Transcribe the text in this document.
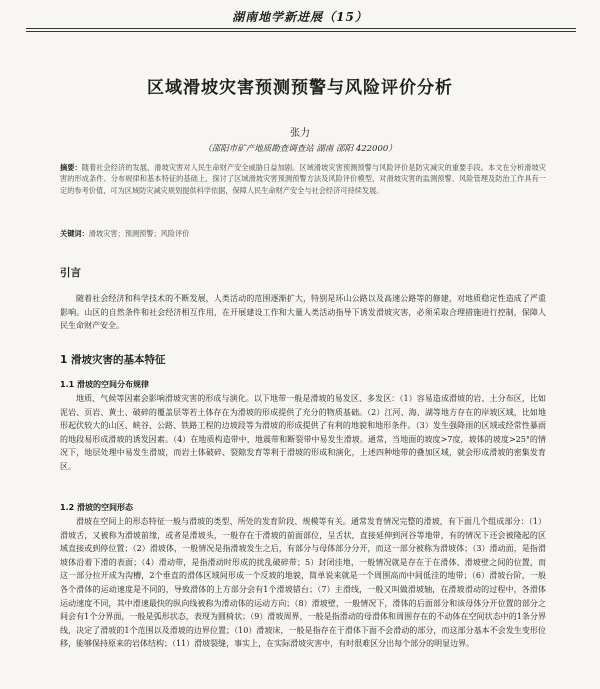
湖南地学新进展（15）
区域滑坡灾害预测预警与风险评价分析
张力
（邵阳市矿产地质勘查调查站 湖南 邵阳 422000）
摘要：随着社会经济的发展，滑坡灾害对人民生命财产安全威胁日益加剧。区域滑坡灾害预测预警与风险评价是防灾减灾的重要手段。本文在分析滑坡灾害的形成条件、分布规律和基本特征的基础上，探讨了区域滑坡灾害预测预警方法及风险评价模型，对滑坡灾害的监测预警、风险管理及防治工作具有一定的参考价值，可为区域防灾减灾规划提供科学依据，保障人民生命财产安全与社会经济可持续发展。
关键词：滑坡灾害；预测预警；风险评价
引言
随着社会经济和科学技术的不断发展，人类活动的范围逐渐扩大，特别是环山公路以及高速公路等的修建，对地质稳定性造成了严重影响。山区的自然条件和社会经济相互作用，在开展建设工作和大量人类活动指导下诱发滑坡灾害，必须采取合理措施进行控制，保障人民生命财产安全。
1 滑坡灾害的基本特征
1.1 滑坡的空间分布规律
地质、气候等因素会影响滑坡灾害的形成与演化。以下地带一般是滑坡的易发区、多发区：（1）容易造成滑坡的岩、土分布区，比如泥岩、页岩、黄土、破碎的覆盖层等若土体存在为滑坡的形成提供了充分的物质基础。（2）江河、海、湖等地方存在的岸坡区域，比如地形起伏较大的山区、峡谷、公路、铁路工程的边坡段等为滑坡的形成提供了有利的地貌和地形条件。（3）发生强降雨的区域或经常性暴雨的地段易形成滑坡的诱发因素。（4）在地质构造带中，地震带和断裂带中易发生滑坡。通常，当地面的坡度>7度，坡体的坡度>25°的情况下，地层处理中易发生滑坡，而岩土体破碎、裂隙发育等利于滑坡的形成和演化，上述四种地带的叠加区域，就会形成滑坡的密集发育区。
1.2 滑坡的空间形态
滑坡在空间上的形态特征一般与滑坡的类型、所处的发育阶段、规模等有关。通常发育情况完整的滑坡，有下面几个组成部分：（1）滑坡舌，又被称为滑坡前缘，或者是滑坡头，一般存在于滑坡的前面部位，呈舌状，直接延伸到河谷等地带，有的情况下还会被隆起的区域直接或到停位置；（2）滑坡体，一般情况是指滑坡发生之后，有部分与母体部分分开，而这一部分被称为滑坡体；（3）滑动面，是指滑坡体沿着下滑的表面；（4）滑动带，是指滑动时形成的扰乱破碎带；5）封闭洼地，一般情况就是存在于在滑体、滑坡壁之间的位置，而这一部分拉开成为沟槽，2个垂直的滑体区域间形成一个反坡的地貌，简单说来就是一个周围高而中间低洼的地带；（6）滑坡台阶，一般各个滑体的运动速度是不同的，导致滑体的上方部分会有1个滑坡错台；（7）主滑线，一般又叫做滑坡轴，在滑坡滑动的过程中，各滑体运动速度不同，其中滑速最快的纵向线被称为滑动体的运动方向；（8）滑坡壁，一般情况下，滑体的后面部分和该母体分开位置的部分之间会有1个分界面，一般是弧形状态，表现为圆椅状；（9）滑坡周界，一般是指滑动的母滑体和周围存在的不动体在空间状态中的1条分界线，决定了滑坡的1个范围以及滑坡的边界位置；（10）滑坡床，一般是指存在于滑体下面不会滑动的部分，而这部分基本不会发生变形位移，能够保持原来的岩体结构；（11）滑坡裂缝，事实上，在实际滑坡灾害中，有时很难区分出每个部分的明显边界。
